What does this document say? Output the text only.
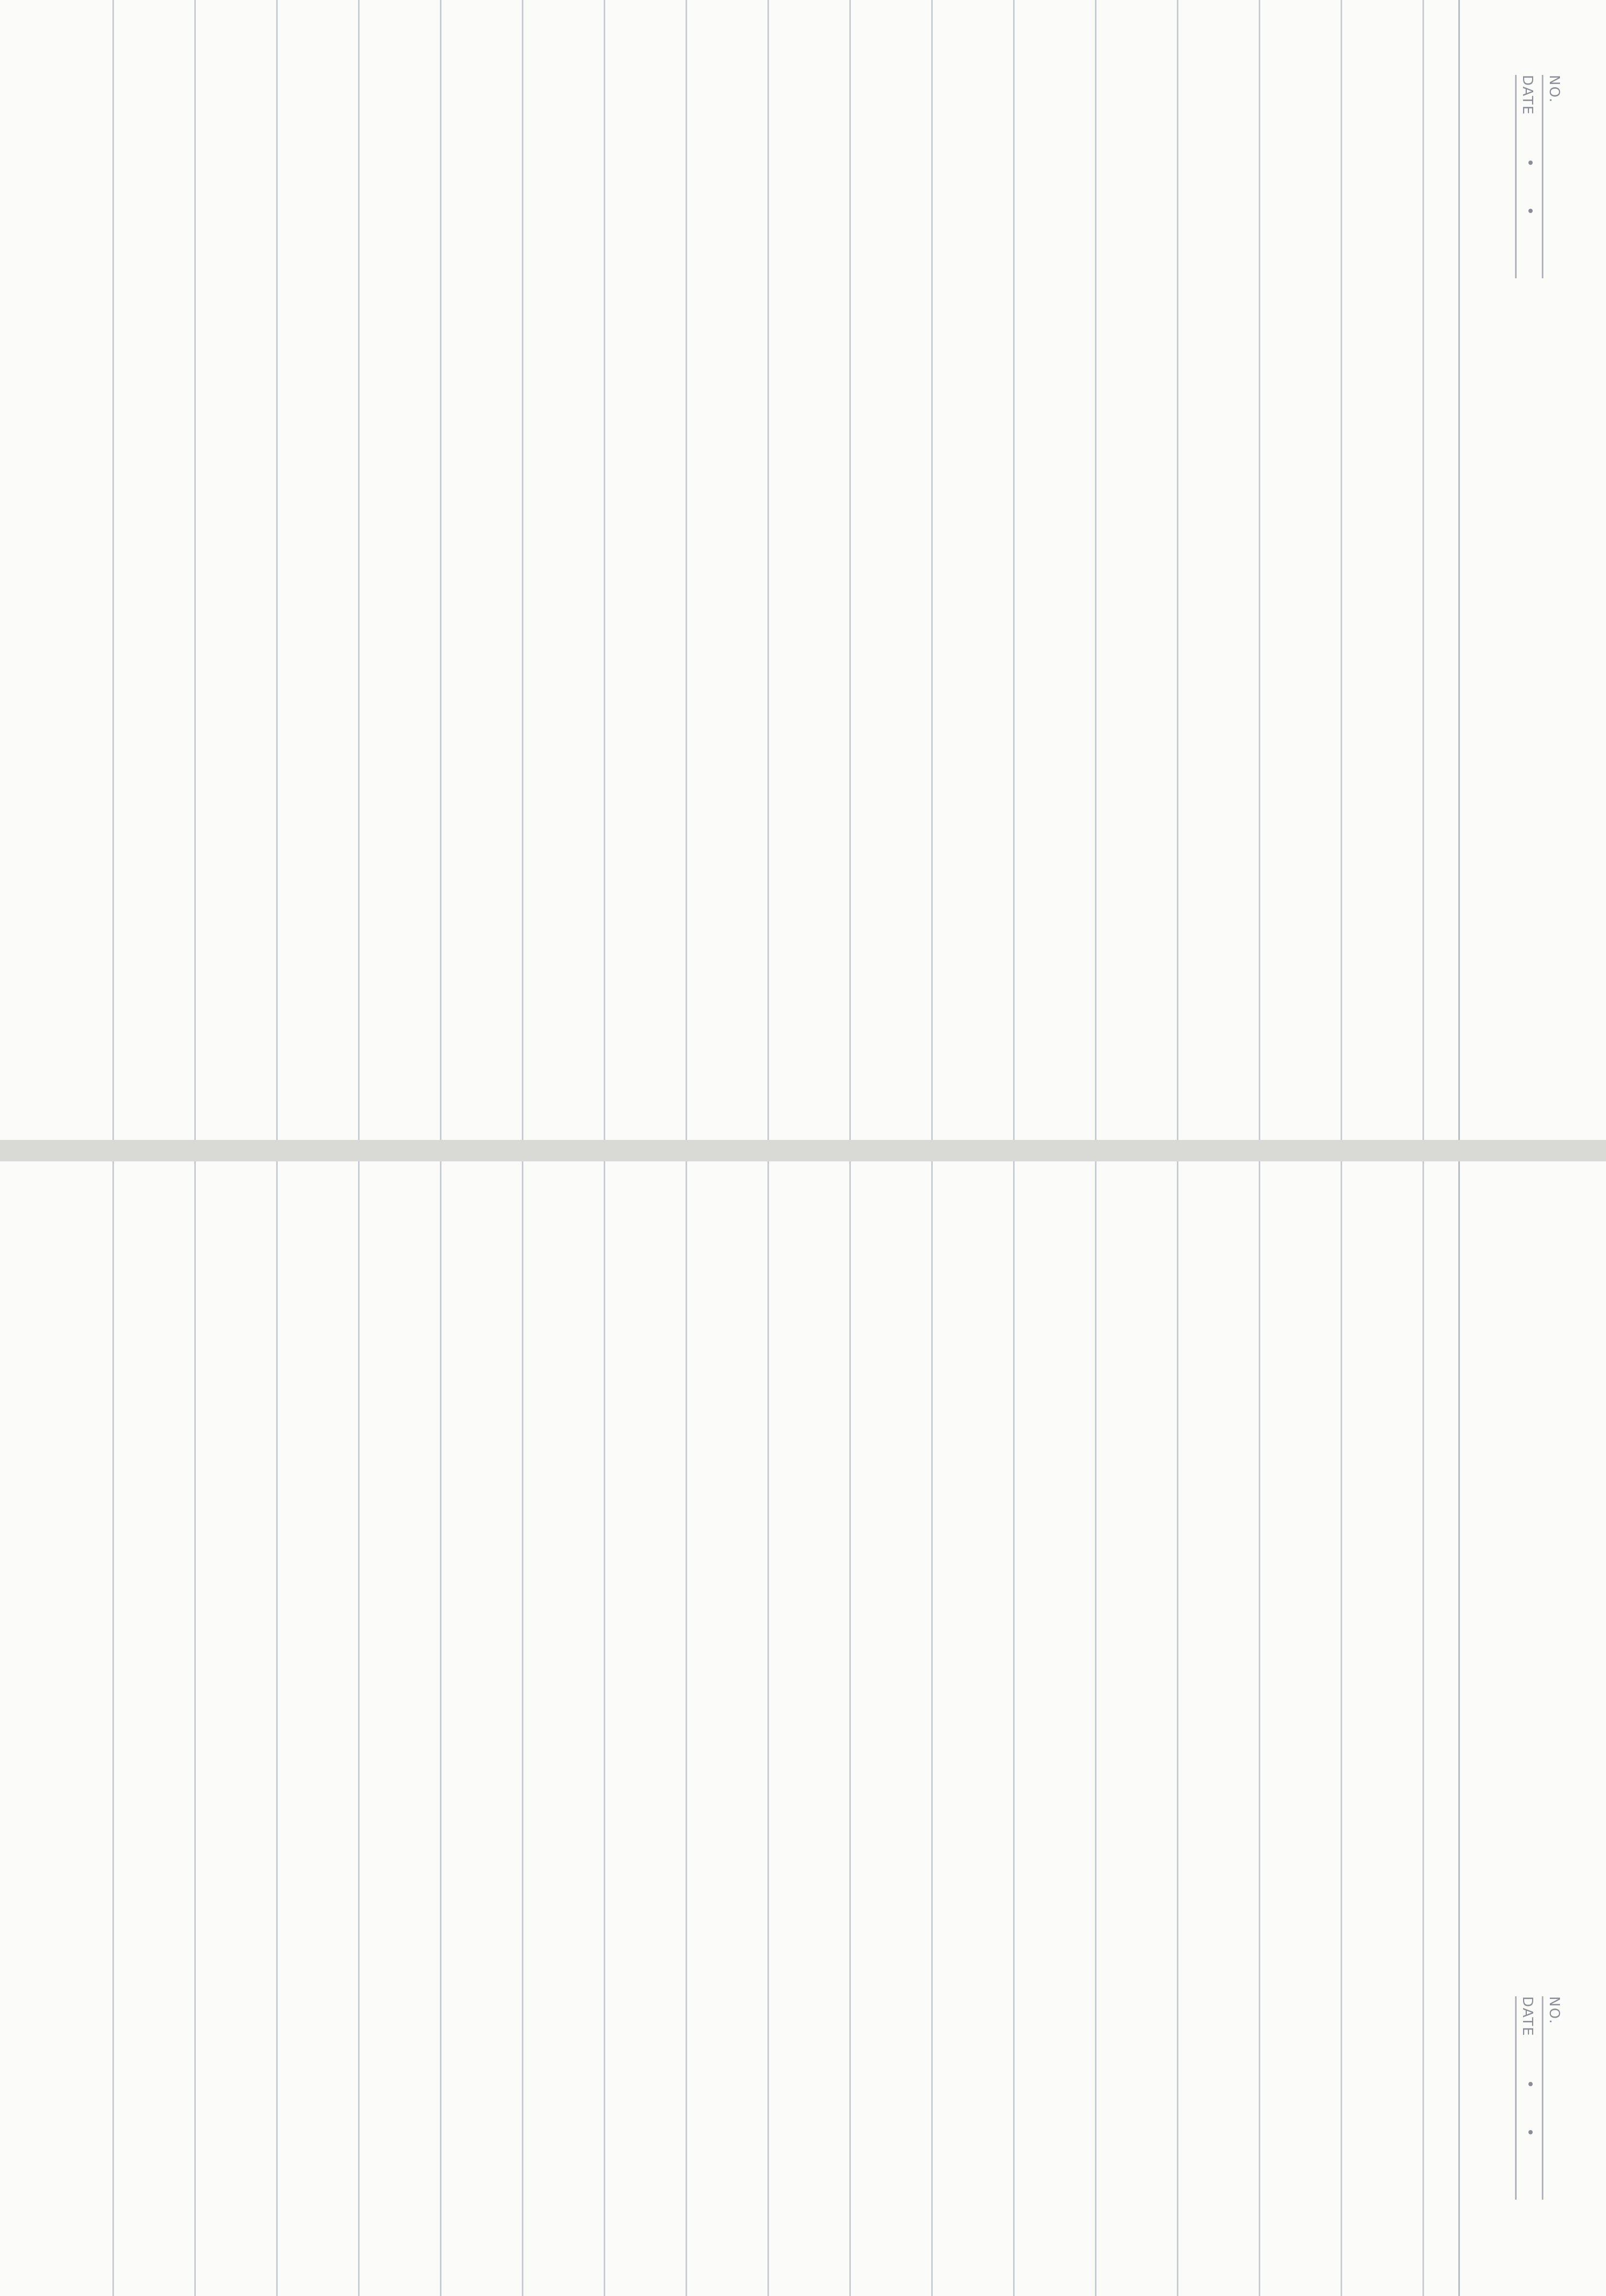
NO.
DATE
NO.
DATE
